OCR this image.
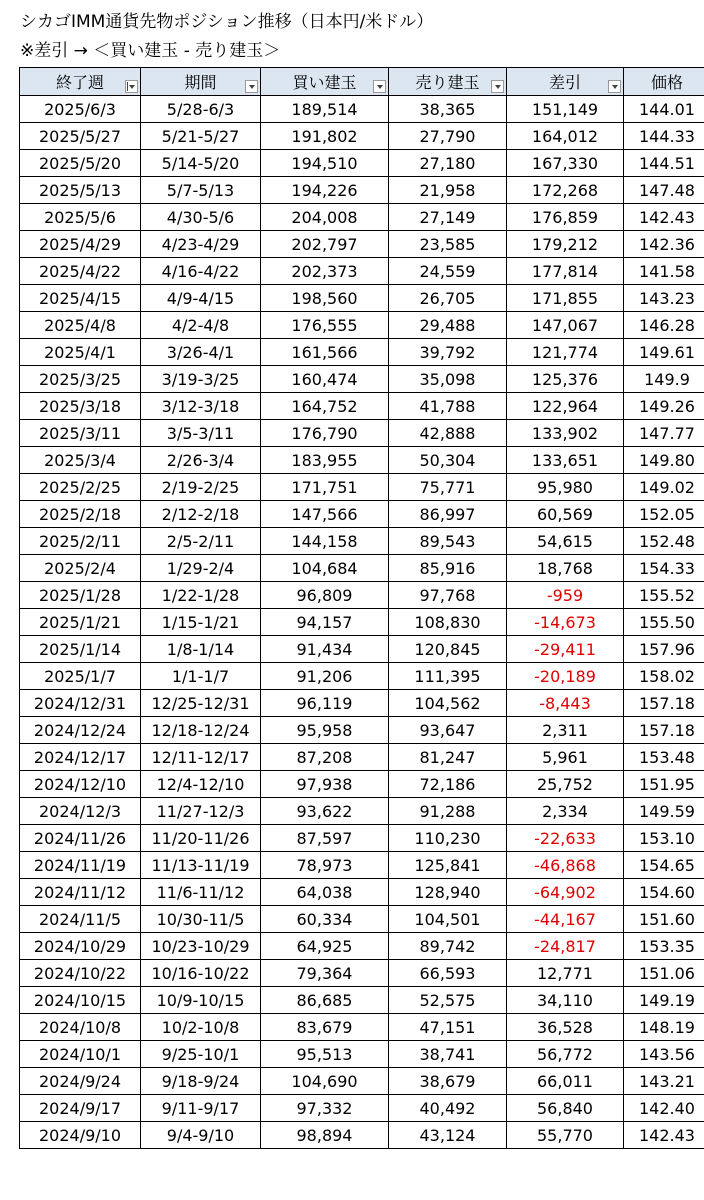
シカゴIMM通貨先物ポジション推移（日本円/米ドル）
※差引 → ＜買い建玉 - 売り建玉＞
終了週	期間	買い建玉	売り建玉	差引	価格
2025/6/3	5/28-6/3	189,514	38,365	151,149	144.01
2025/5/27	5/21-5/27	191,802	27,790	164,012	144.33
2025/5/20	5/14-5/20	194,510	27,180	167,330	144.51
2025/5/13	5/7-5/13	194,226	21,958	172,268	147.48
2025/5/6	4/30-5/6	204,008	27,149	176,859	142.43
2025/4/29	4/23-4/29	202,797	23,585	179,212	142.36
2025/4/22	4/16-4/22	202,373	24,559	177,814	141.58
2025/4/15	4/9-4/15	198,560	26,705	171,855	143.23
2025/4/8	4/2-4/8	176,555	29,488	147,067	146.28
2025/4/1	3/26-4/1	161,566	39,792	121,774	149.61
2025/3/25	3/19-3/25	160,474	35,098	125,376	149.9
2025/3/18	3/12-3/18	164,752	41,788	122,964	149.26
2025/3/11	3/5-3/11	176,790	42,888	133,902	147.77
2025/3/4	2/26-3/4	183,955	50,304	133,651	149.80
2025/2/25	2/19-2/25	171,751	75,771	95,980	149.02
2025/2/18	2/12-2/18	147,566	86,997	60,569	152.05
2025/2/11	2/5-2/11	144,158	89,543	54,615	152.48
2025/2/4	1/29-2/4	104,684	85,916	18,768	154.33
2025/1/28	1/22-1/28	96,809	97,768	-959	155.52
2025/1/21	1/15-1/21	94,157	108,830	-14,673	155.50
2025/1/14	1/8-1/14	91,434	120,845	-29,411	157.96
2025/1/7	1/1-1/7	91,206	111,395	-20,189	158.02
2024/12/31	12/25-12/31	96,119	104,562	-8,443	157.18
2024/12/24	12/18-12/24	95,958	93,647	2,311	157.18
2024/12/17	12/11-12/17	87,208	81,247	5,961	153.48
2024/12/10	12/4-12/10	97,938	72,186	25,752	151.95
2024/12/3	11/27-12/3	93,622	91,288	2,334	149.59
2024/11/26	11/20-11/26	87,597	110,230	-22,633	153.10
2024/11/19	11/13-11/19	78,973	125,841	-46,868	154.65
2024/11/12	11/6-11/12	64,038	128,940	-64,902	154.60
2024/11/5	10/30-11/5	60,334	104,501	-44,167	151.60
2024/10/29	10/23-10/29	64,925	89,742	-24,817	153.35
2024/10/22	10/16-10/22	79,364	66,593	12,771	151.06
2024/10/15	10/9-10/15	86,685	52,575	34,110	149.19
2024/10/8	10/2-10/8	83,679	47,151	36,528	148.19
2024/10/1	9/25-10/1	95,513	38,741	56,772	143.56
2024/9/24	9/18-9/24	104,690	38,679	66,011	143.21
2024/9/17	9/11-9/17	97,332	40,492	56,840	142.40
2024/9/10	9/4-9/10	98,894	43,124	55,770	142.43
